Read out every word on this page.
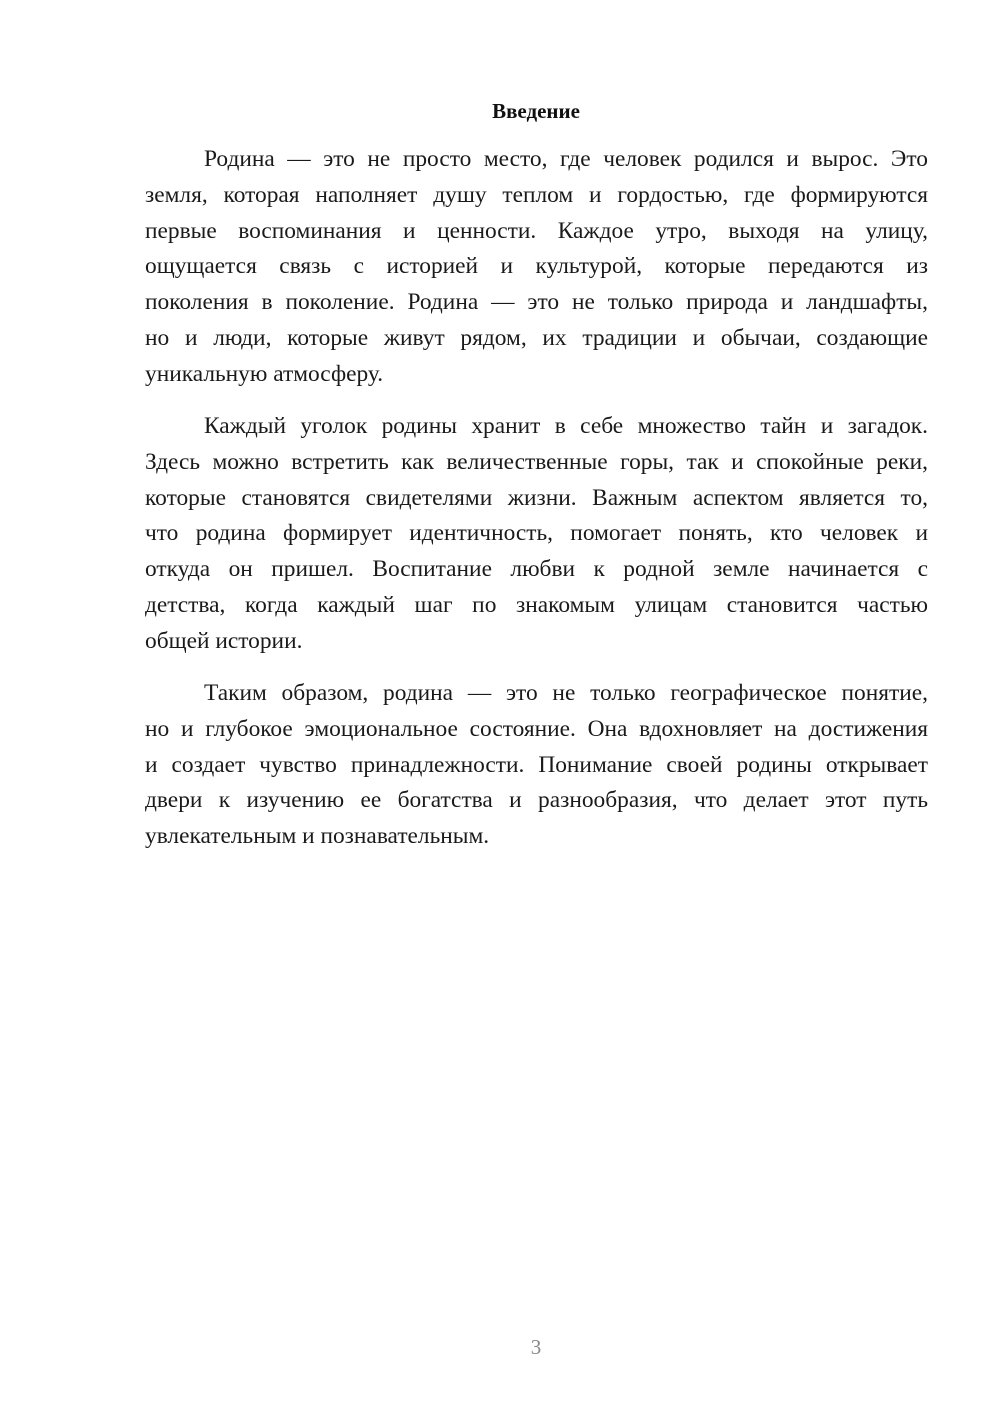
Введение

Родина — это не просто место, где человек родился и вырос. Это
земля, которая наполняет душу теплом и гордостью, где формируются
первые воспоминания и ценности. Каждое утро, выходя на улицу,
ощущается связь с историей и культурой, которые передаются из
поколения в поколение. Родина — это не только природа и ландшафты,
но и люди, которые живут рядом, их традиции и обычаи, создающие
уникальную атмосферу.

Каждый уголок родины хранит в себе множество тайн и загадок.
Здесь можно встретить как величественные горы, так и спокойные реки,
которые становятся свидетелями жизни. Важным аспектом является то,
что родина формирует идентичность, помогает понять, кто человек и
откуда он пришел. Воспитание любви к родной земле начинается с
детства, когда каждый шаг по знакомым улицам становится частью
общей истории.

Таким образом, родина — это не только географическое понятие,
но и глубокое эмоциональное состояние. Она вдохновляет на достижения
и создает чувство принадлежности. Понимание своей родины открывает
двери к изучению ее богатства и разнообразия, что делает этот путь
увлекательным и познавательным.

3
